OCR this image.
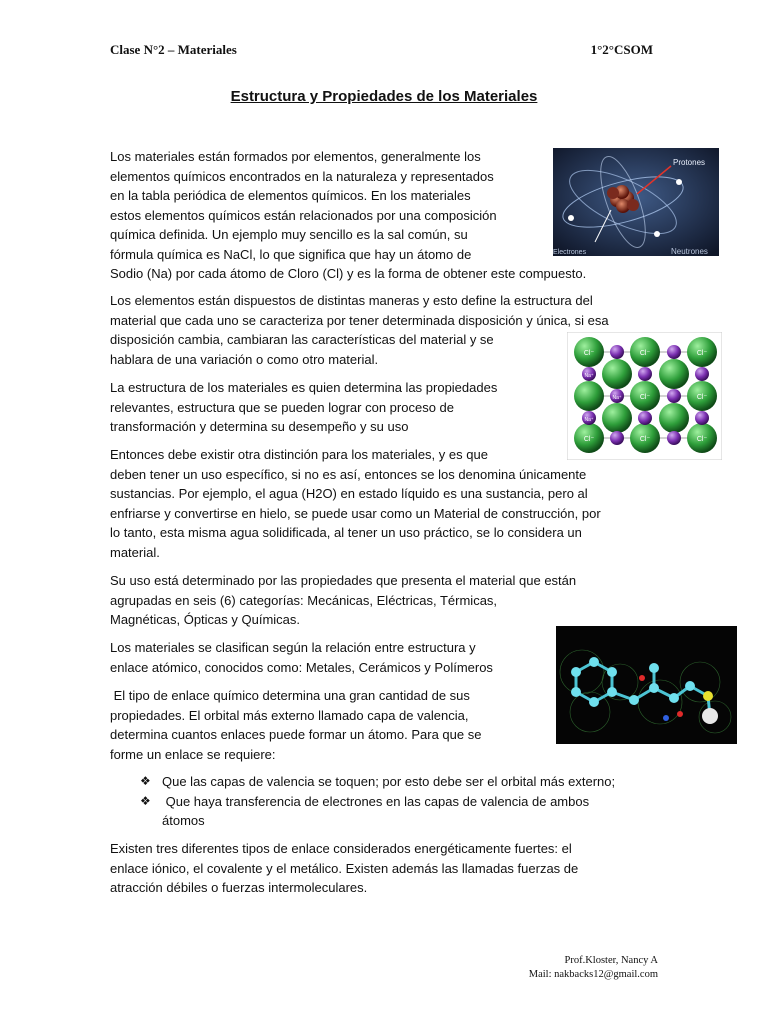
Clase N°2 – Materiales	1°2°CSOM
Estructura y Propiedades de los Materiales

Los materiales están formados por elementos, generalmente los
elementos químicos encontrados en la naturaleza y representados
en la tabla periódica de elementos químicos. En los materiales
estos elementos químicos están relacionados por una composición
química definida. Un ejemplo muy sencillo es la sal común, su
fórmula química es NaCl, lo que significa que hay un átomo de
Sodio (Na) por cada átomo de Cloro (Cl) y es la forma de obtener este compuesto.

Protones
Electrones	Neutrones

Los elementos están dispuestos de distintas maneras y esto define la estructura del
material que cada uno se caracteriza por tener determinada disposición y única, si esa
disposición cambia, cambiaran las características del material y se
hablara de una variación o como otro material.	Cl⁻	Cl⁻	Cl⁻
Cl⁻	Cl⁻
Cl⁻	Cl⁻	Cl⁻
Na⁺
Na⁺
Na⁺

La estructura de los materiales es quien determina las propiedades
relevantes, estructura que se pueden lograr con proceso de
transformación y determina su desempeño y su uso

Entonces debe existir otra distinción para los materiales, y es que
deben tener un uso específico, si no es así, entonces se los denomina únicamente
sustancias. Por ejemplo, el agua (H2O) en estado líquido es una sustancia, pero al
enfriarse y convertirse en hielo, se puede usar como un Material de construcción, por
lo tanto, esta misma agua solidificada, al tener un uso práctico, se lo considera un
material.

Su uso está determinado por las propiedades que presenta el material que están
agrupadas en seis (6) categorías: Mecánicas, Eléctricas, Térmicas,
Magnéticas, Ópticas y Químicas.

Los materiales se clasifican según la relación entre estructura y
enlace atómico, conocidos como: Metales, Cerámicos y Polímeros

El tipo de enlace químico determina una gran cantidad de sus
propiedades. El orbital más externo llamado capa de valencia,
determina cuantos enlaces puede formar un átomo. Para que se
forme un enlace se requiere:

❖ Que las capas de valencia se toquen; por esto debe ser el orbital más externo;
❖ Que haya transferencia de electrones en las capas de valencia de ambos
átomos

Existen tres diferentes tipos de enlace considerados energéticamente fuertes: el
enlace iónico, el covalente y el metálico. Existen además las llamadas fuerzas de
atracción débiles o fuerzas intermoleculares.

Prof.Kloster, Nancy A
Mail: nakbacks12@gmail.com
